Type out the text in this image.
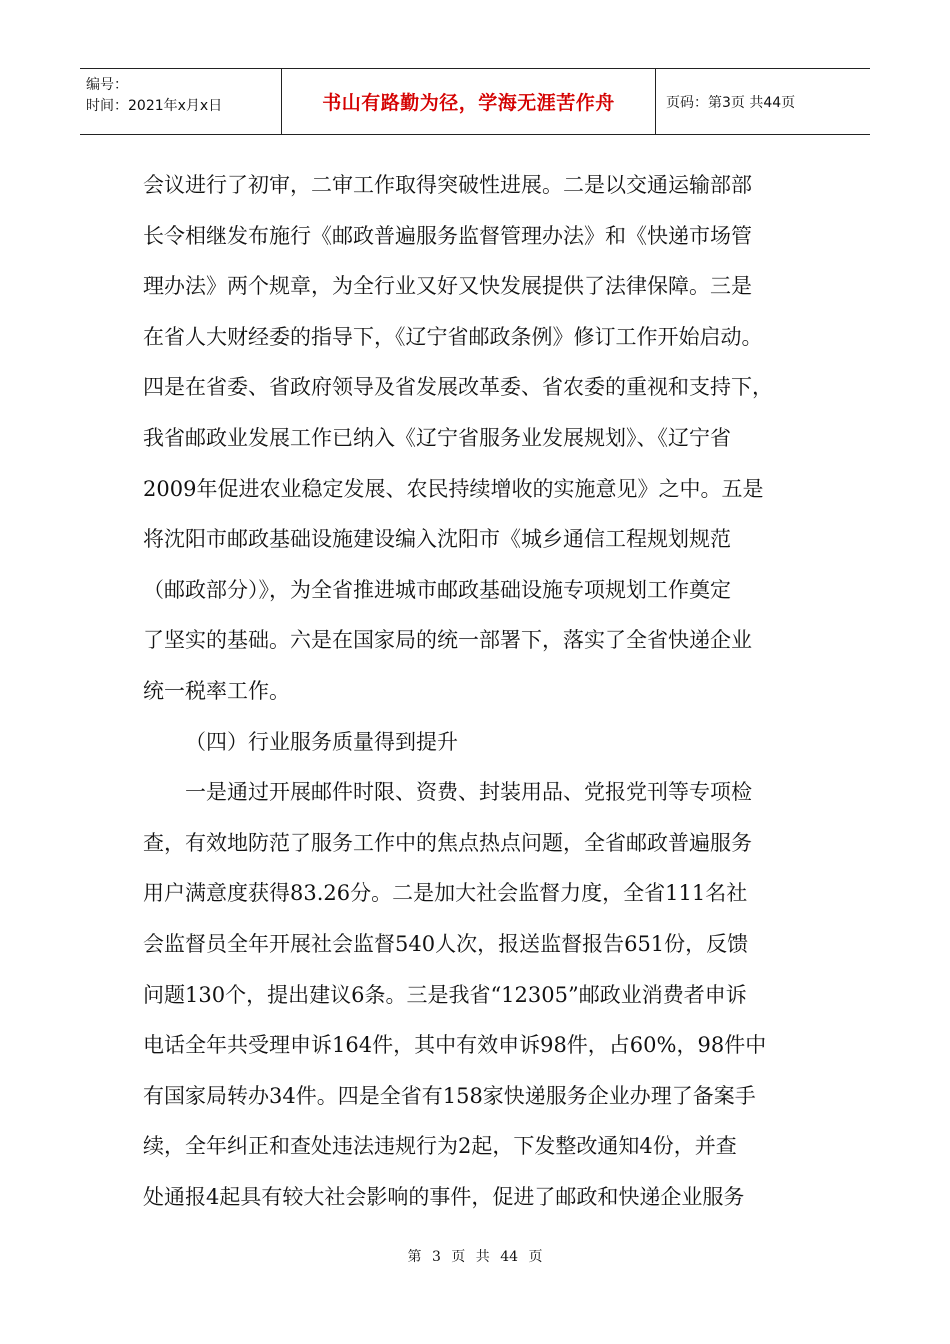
编号：
时间：2021年x月x日	书山有路勤为径，学海无涯苦作舟	页码：第3页 共44页
会议进行了初审，二审工作取得突破性进展。二是以交通运输部部
长令相继发布施行《邮政普遍服务监督管理办法》和《快递市场管
理办法》两个规章，为全行业又好又快发展提供了法律保障。三是
在省人大财经委的指导下，《辽宁省邮政条例》修订工作开始启动。
四是在省委、省政府领导及省发展改革委、省农委的重视和支持下，
我省邮政业发展工作已纳入《辽宁省服务业发展规划》、《辽宁省
2009年促进农业稳定发展、农民持续增收的实施意见》之中。五是
将沈阳市邮政基础设施建设编入沈阳市《城乡通信工程规划规范
（邮政部分）》，为全省推进城市邮政基础设施专项规划工作奠定
了坚实的基础。六是在国家局的统一部署下，落实了全省快递企业
统一税率工作。
（四）行业服务质量得到提升
一是通过开展邮件时限、资费、封装用品、党报党刊等专项检
查，有效地防范了服务工作中的焦点热点问题，全省邮政普遍服务
用户满意度获得83.26分。二是加大社会监督力度，全省111名社
会监督员全年开展社会监督540人次，报送监督报告651份，反馈
问题130个，提出建议6条。三是我省“12305”邮政业消费者申诉
电话全年共受理申诉164件，其中有效申诉98件，占60%，98件中
有国家局转办34件。四是全省有158家快递服务企业办理了备案手
续，全年纠正和查处违法违规行为2起，下发整改通知4份，并查
处通报4起具有较大社会影响的事件，促进了邮政和快递企业服务
第 3 页 共 44 页
